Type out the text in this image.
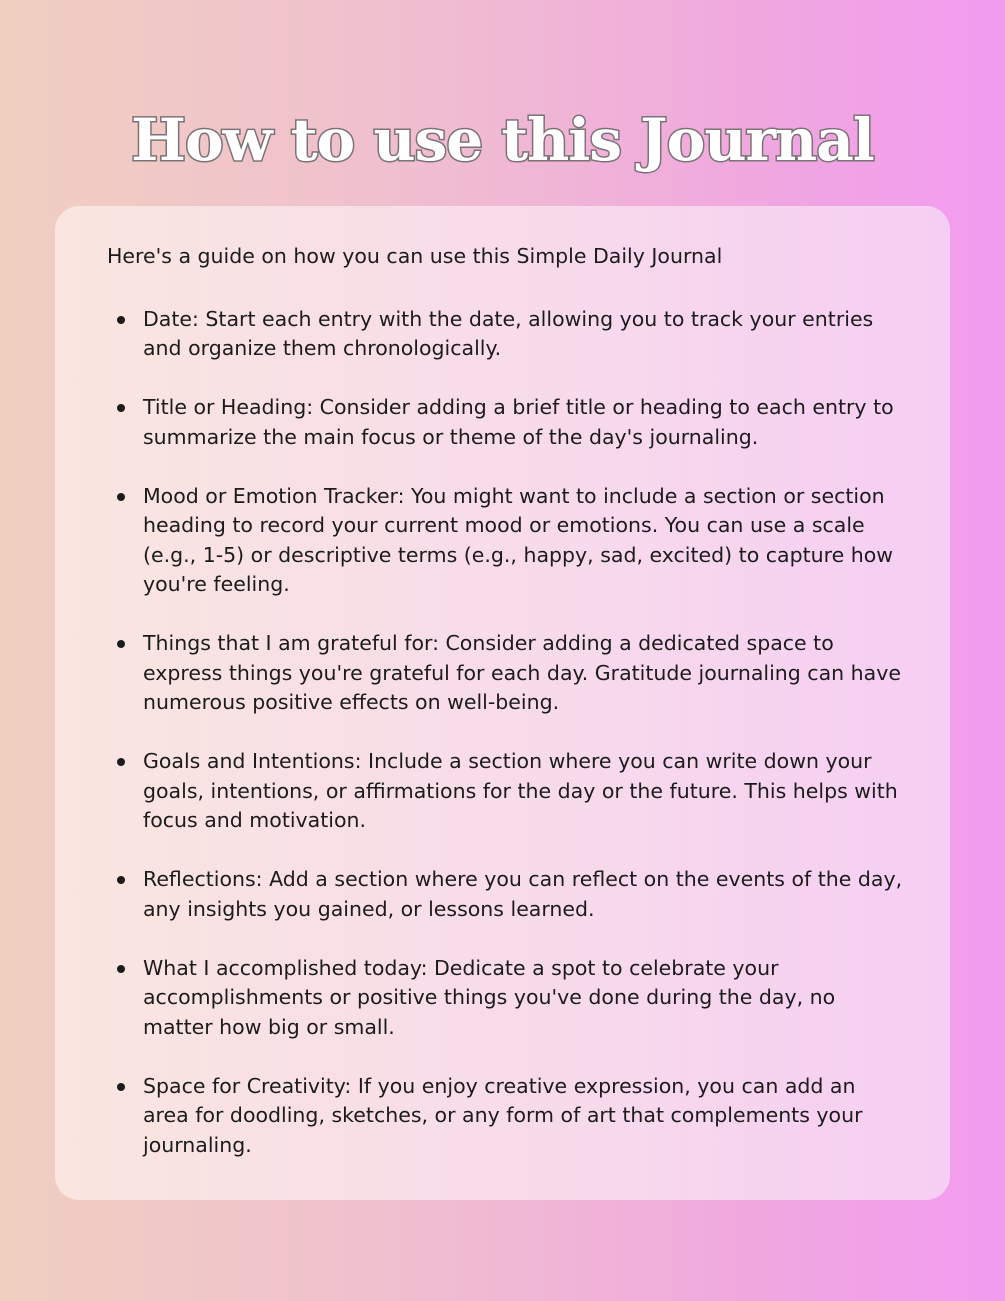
How to use this Journal

Here's a guide on how you can use this Simple Daily Journal

Date: Start each entry with the date, allowing you to track your entries and organize them chronologically.
Title or Heading: Consider adding a brief title or heading to each entry to summarize the main focus or theme of the day's journaling.
Mood or Emotion Tracker: You might want to include a section or section heading to record your current mood or emotions. You can use a scale (e.g., 1-5) or descriptive terms (e.g., happy, sad, excited) to capture how you're feeling.
Things that I am grateful for: Consider adding a dedicated space to express things you're grateful for each day. Gratitude journaling can have numerous positive effects on well-being.
Goals and Intentions: Include a section where you can write down your goals, intentions, or affirmations for the day or the future. This helps with focus and motivation.
Reflections: Add a section where you can reflect on the events of the day, any insights you gained, or lessons learned.
What I accomplished today: Dedicate a spot to celebrate your accomplishments or positive things you've done during the day, no matter how big or small.
Space for Creativity: If you enjoy creative expression, you can add an area for doodling, sketches, or any form of art that complements your journaling.
